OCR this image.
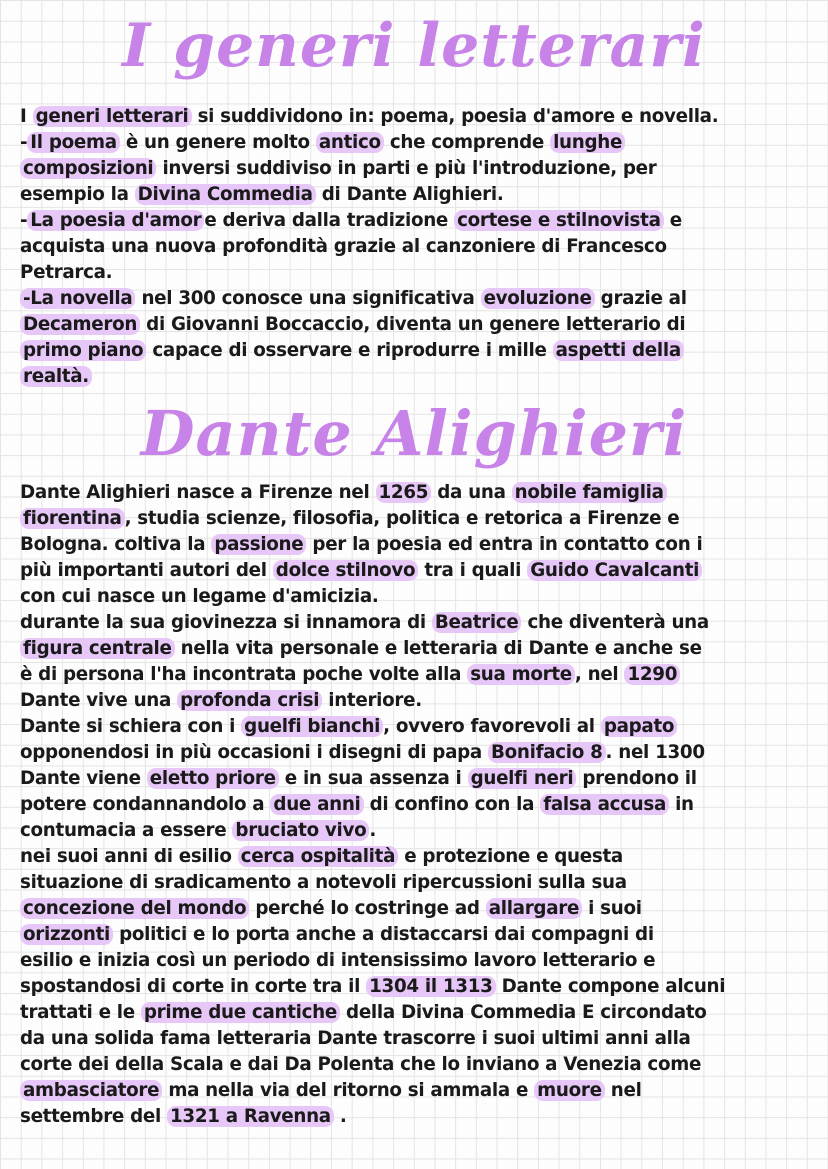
I generi letterari
I generi letterari si suddividono in: poema, poesia d'amore e novella.
- Il poema è un genere molto antico che comprende lunghe
composizioni inversi suddiviso in parti e più l'introduzione, per
esempio la Divina Commedia di Dante Alighieri.
- La poesia d'amor e deriva dalla tradizione cortese e stilnovista e
acquista una nuova profondità grazie al canzoniere di Francesco
Petrarca.
-La novella nel 300 conosce una significativa evoluzione grazie al
Decameron di Giovanni Boccaccio, diventa un genere letterario di
primo piano capace di osservare e riprodurre i mille aspetti della
realtà.
Dante Alighieri
Dante Alighieri nasce a Firenze nel 1265 da una nobile famiglia
fiorentina , studia scienze, filosofia, politica e retorica a Firenze e
Bologna. coltiva la passione per la poesia ed entra in contatto con i
più importanti autori del dolce stilnovo tra i quali Guido Cavalcanti
con cui nasce un legame d'amicizia.
durante la sua giovinezza si innamora di Beatrice che diventerà una
figura centrale nella vita personale e letteraria di Dante e anche se
è di persona l'ha incontrata poche volte alla sua morte , nel 1290
Dante vive una profonda crisi interiore.
Dante si schiera con i guelfi bianchi , ovvero favorevoli al papato
opponendosi in più occasioni i disegni di papa Bonifacio 8 . nel 1300
Dante viene eletto priore e in sua assenza i guelfi neri prendono il
potere condannandolo a due anni di confino con la falsa accusa in
contumacia a essere bruciato vivo .
nei suoi anni di esilio cerca ospitalità e protezione e questa
situazione di sradicamento a notevoli ripercussioni sulla sua
concezione del mondo perché lo costringe ad allargare i suoi
orizzonti politici e lo porta anche a distaccarsi dai compagni di
esilio e inizia così un periodo di intensissimo lavoro letterario e
spostandosi di corte in corte tra il 1304 il 1313 Dante compone alcuni
trattati e le prime due cantiche della Divina Commedia E circondato
da una solida fama letteraria Dante trascorre i suoi ultimi anni alla
corte dei della Scala e dai Da Polenta che lo inviano a Venezia come
ambasciatore ma nella via del ritorno si ammala e muore nel
settembre del 1321 a Ravenna .
